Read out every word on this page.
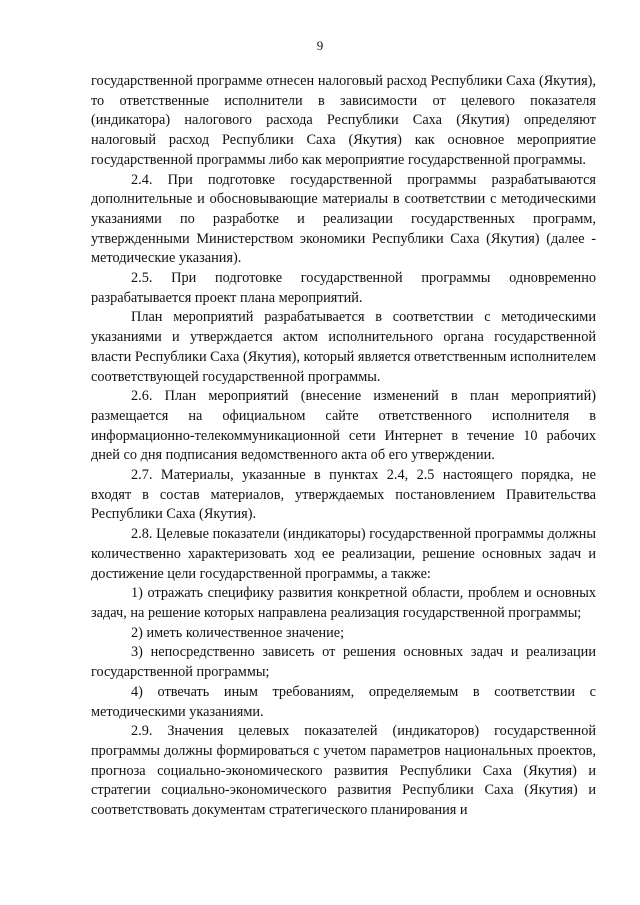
9

государственной программе отнесен налоговый расход Республики Саха (Якутия), то ответственные исполнители в зависимости от целевого показателя (индикатора) налогового расхода Республики Саха (Якутия) определяют налоговый расход Республики Саха (Якутия) как основное мероприятие государственной программы либо как мероприятие государственной программы.

2.4. При подготовке государственной программы разрабатываются дополнительные и обосновывающие материалы в соответствии с методическими указаниями по разработке и реализации государственных программ, утвержденными Министерством экономики Республики Саха (Якутия) (далее - методические указания).

2.5. При подготовке государственной программы одновременно разрабатывается проект плана мероприятий.

План мероприятий разрабатывается в соответствии с методическими указаниями и утверждается актом исполнительного органа государственной власти Республики Саха (Якутия), который является ответственным исполнителем соответствующей государственной программы.

2.6. План мероприятий (внесение изменений в план мероприятий) размещается на официальном сайте ответственного исполнителя в информационно-телекоммуникационной сети Интернет в течение 10 рабочих дней со дня подписания ведомственного акта об его утверждении.

2.7. Материалы, указанные в пунктах 2.4, 2.5 настоящего порядка, не входят в состав материалов, утверждаемых постановлением Правительства Республики Саха (Якутия).

2.8. Целевые показатели (индикаторы) государственной программы должны количественно характеризовать ход ее реализации, решение основных задач и достижение цели государственной программы, а также:

1) отражать специфику развития конкретной области, проблем и основных задач, на решение которых направлена реализация государственной программы;

2) иметь количественное значение;

3) непосредственно зависеть от решения основных задач и реализации государственной программы;

4) отвечать иным требованиям, определяемым в соответствии с методическими указаниями.

2.9. Значения целевых показателей (индикаторов) государственной программы должны формироваться с учетом параметров национальных проектов, прогноза социально-экономического развития Республики Саха (Якутия) и стратегии социально-экономического развития Республики Саха (Якутия) и соответствовать документам стратегического планирования и
